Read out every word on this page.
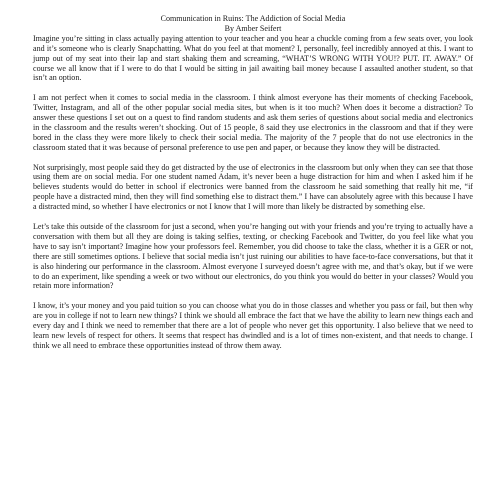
Communication in Ruins: The Addiction of Social Media
By Amber Seifert

Imagine you’re sitting in class actually paying attention to your teacher and you hear a chuckle coming from a few seats over, you look and it’s someone who is clearly Snapchatting. What do you feel at that moment? I, personally, feel incredibly annoyed at this. I want to jump out of my seat into their lap and start shaking them and screaming, “WHAT’S WRONG WITH YOU!? PUT. IT. AWAY.” Of course we all know that if I were to do that I would be sitting in jail awaiting bail money because I assaulted another student, so that isn’t an option.

I am not perfect when it comes to social media in the classroom. I think almost everyone has their moments of checking Facebook, Twitter, Instagram, and all of the other popular social media sites, but when is it too much? When does it become a distraction? To answer these questions I set out on a quest to find random students and ask them series of questions about social media and electronics in the classroom and the results weren’t shocking. Out of 15 people, 8 said they use electronics in the classroom and that if they were bored in the class they were more likely to check their social media. The majority of the 7 people that do not use electronics in the classroom stated that it was because of personal preference to use pen and paper, or because they know they will be distracted.

Not surprisingly, most people said they do get distracted by the use of electronics in the classroom but only when they can see that those using them are on social media. For one student named Adam, it’s never been a huge distraction for him and when I asked him if he believes students would do better in school if electronics were banned from the classroom he said something that really hit me, “if people have a distracted mind, then they will find something else to distract them.” I have can absolutely agree with this because I have a distracted mind, so whether I have electronics or not I know that I will more than likely be distracted by something else.

Let’s take this outside of the classroom for just a second, when you’re hanging out with your friends and you’re trying to actually have a conversation with them but all they are doing is taking selfies, texting, or checking Facebook and Twitter, do you feel like what you have to say isn’t important? Imagine how your professors feel. Remember, you did choose to take the class, whether it is a GER or not, there are still sometimes options. I believe that social media isn’t just ruining our abilities to have face-to-face conversations, but that it is also hindering our performance in the classroom. Almost everyone I surveyed doesn’t agree with me, and that’s okay, but if we were to do an experiment, like spending a week or two without our electronics, do you think you would do better in your classes? Would you retain more information?

I know, it’s your money and you paid tuition so you can choose what you do in those classes and whether you pass or fail, but then why are you in college if not to learn new things? I think we should all embrace the fact that we have the ability to learn new things each and every day and I think we need to remember that there are a lot of people who never get this opportunity. I also believe that we need to learn new levels of respect for others. It seems that respect has dwindled and is a lot of times non-existent, and that needs to change. I think we all need to embrace these opportunities instead of throw them away.
